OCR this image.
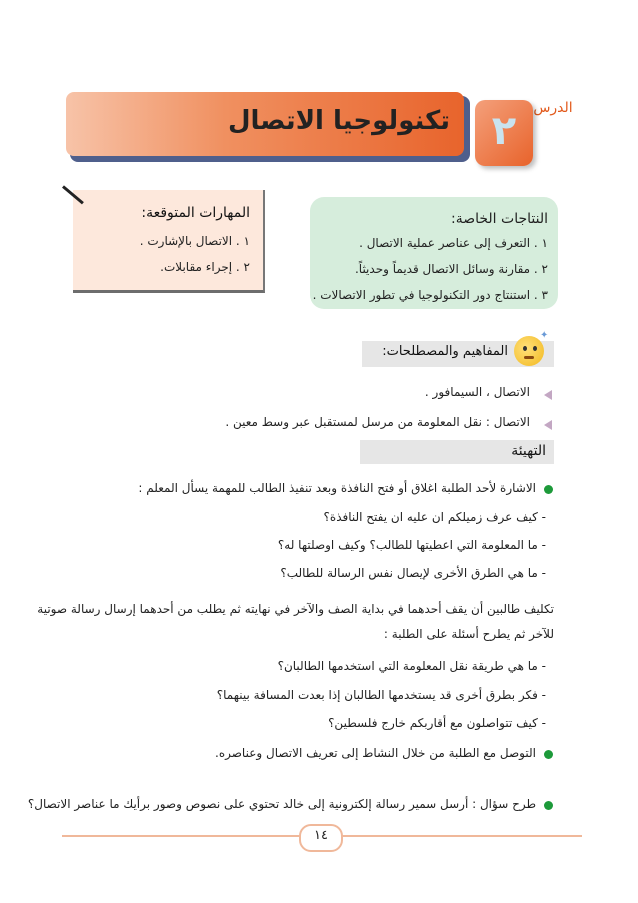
الدرس
٢
تكنولوجيا الاتصال
المهارات المتوقعة:
١ . الاتصال بالإشارت .
٢ . إجراء مقابلات.
النتاجات الخاصة:
١ . التعرف إلى عناصر عملية الاتصال .
٢ . مقارنة وسائل الاتصال قديماً وحديثاً.
٣ . استنتاج دور التكنولوجيا في تطور الاتصالات .
✦
المفاهيم والمصطلحات:
الاتصال ، السيمافور .
الاتصال : نقل المعلومة من مرسل لمستقبل عبر وسط معين .
التهيئة
الاشارة لأحد الطلبة اغلاق أو فتح النافذة وبعد تنفيذ الطالب للمهمة يسأل المعلم :
- كيف عرف زميلكم ان عليه ان يفتح النافذة؟
- ما المعلومة التي اعطيتها للطالب؟ وكيف اوصلتها له؟
- ما هي الطرق الأخرى لإيصال نفس الرسالة للطالب؟
تكليف طالبين أن يقف أحدهما في بداية الصف والآخر في نهايته ثم يطلب من أحدهما إرسال رسالة صوتية
للآخر ثم يطرح أسئلة على الطلبة :
- ما هي طريقة نقل المعلومة التي استخدمها الطالبان؟
- فكر بطرق أخرى قد يستخدمها الطالبان إذا بعدت المسافة بينهما؟
- كيف تتواصلون مع أقاربكم خارج فلسطين؟
التوصل مع الطلبة من خلال النشاط إلى تعريف الاتصال وعناصره.
طرح سؤال : أرسل سمير رسالة إلكترونية إلى خالد تحتوي على نصوص وصور برأيك ما عناصر الاتصال؟
١٤
